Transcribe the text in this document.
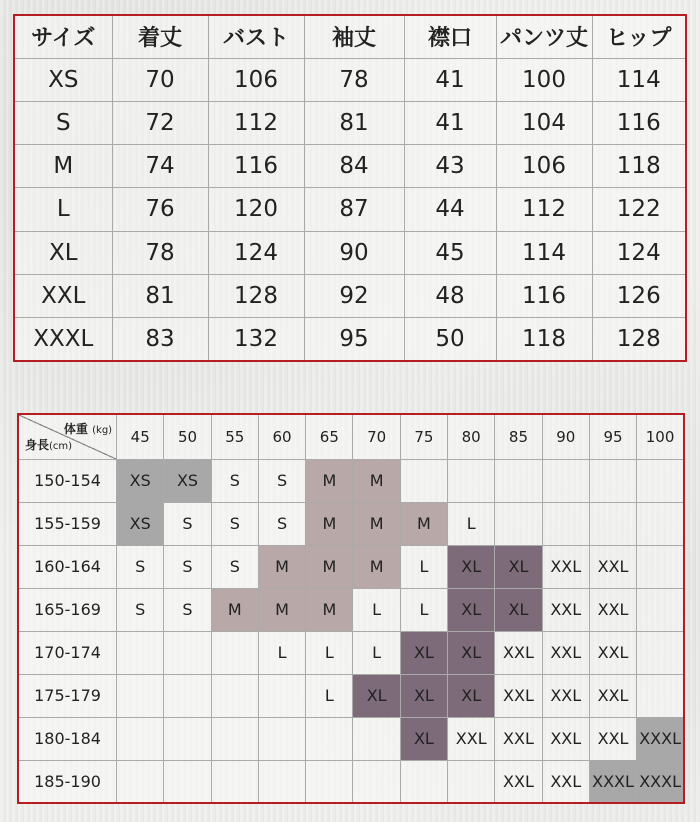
サイズ	着丈	バスト	袖丈	襟口	パンツ丈	ヒップ
XS	70	106	78	41	100	114
S	72	112	81	41	104	116
M	74	116	84	43	106	118
L	76	120	87	44	112	122
XL	78	124	90	45	114	124
XXL	81	128	92	48	116	126
XXXL	83	132	95	50	118	128
体重 (kg)
身長(cm)	45	50	55	60	65	70	75	80	85	90	95	100
150-154	XS	XS	S	S	M	M						
155-159	XS	S	S	S	M	M	M	L				
160-164	S	S	S	M	M	M	L	XL	XL	XXL	XXL	
165-169	S	S	M	M	M	L	L	XL	XL	XXL	XXL	
170-174				L	L	L	XL	XL	XXL	XXL	XXL	
175-179					L	XL	XL	XL	XXL	XXL	XXL	
180-184							XL	XXL	XXL	XXL	XXL	XXXL
185-190									XXL	XXL	XXXL	XXXL
